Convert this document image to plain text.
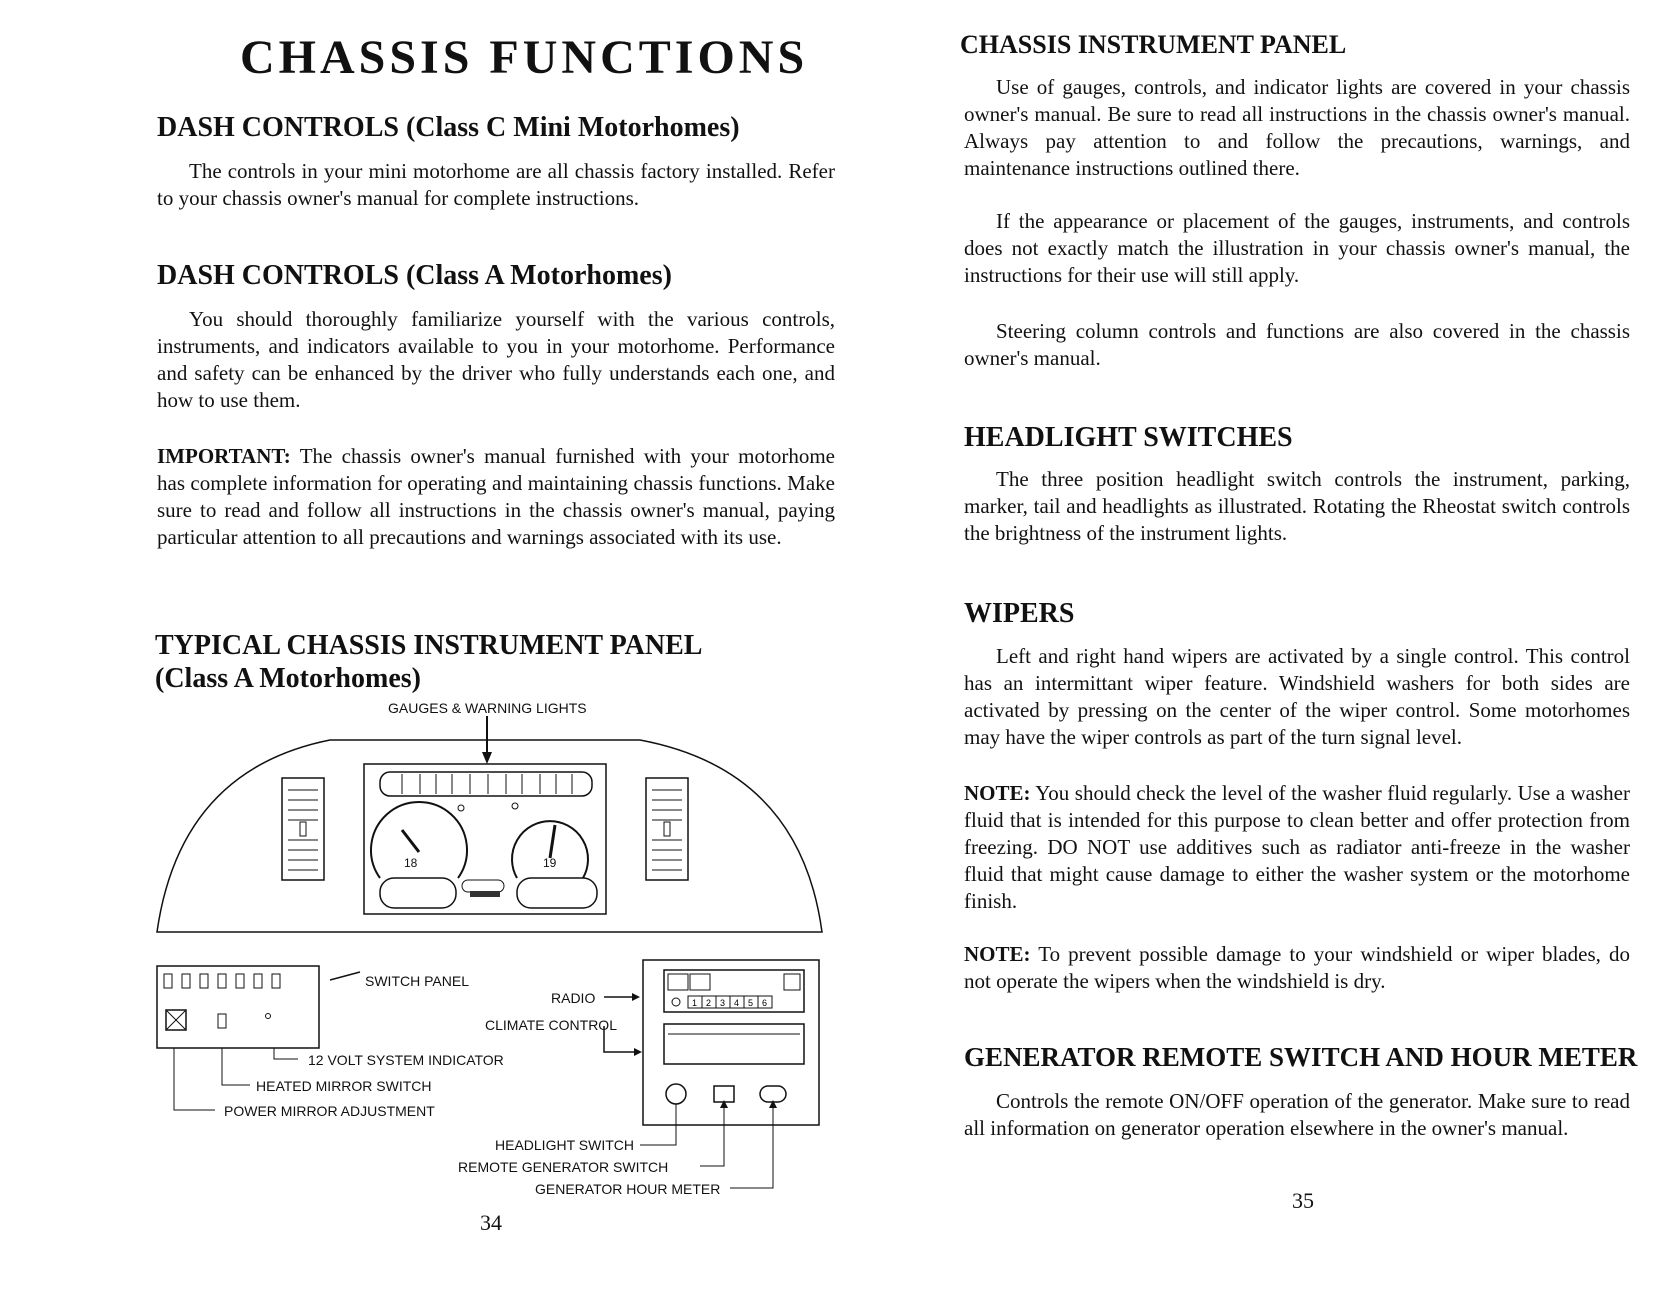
CHASSIS FUNCTIONS
DASH CONTROLS (Class C Mini Motorhomes)

The controls in your mini motorhome are all chassis factory installed. Refer to your chassis owner's manual for complete instructions.

DASH CONTROLS (Class A Motorhomes)

You should thoroughly familiarize yourself with the various controls, instruments, and indicators available to you in your motorhome. Performance and safety can be enhanced by the driver who fully understands each one, and how to use them.

IMPORTANT: The chassis owner's manual furnished with your motorhome has complete information for operating and maintaining chassis functions. Make sure to read and follow all instructions in the chassis owner's manual, paying particular attention to all precautions and warnings associated with its use.

TYPICAL CHASSIS INSTRUMENT PANEL
(Class A Motorhomes)
1 2 3 4 5 6
GAUGES & WARNING LIGHTS
18	19
SWITCH PANEL
RADIO
CLIMATE CONTROL
12 VOLT SYSTEM INDICATOR
HEATED MIRROR SWITCH
POWER MIRROR ADJUSTMENT
HEADLIGHT SWITCH
REMOTE GENERATOR SWITCH
GENERATOR HOUR METER
34
CHASSIS INSTRUMENT PANEL

Use of gauges, controls, and indicator lights are covered in your chassis owner's manual. Be sure to read all instructions in the chassis owner's manual. Always pay attention to and follow the precautions, warnings, and maintenance instructions outlined there.

If the appearance or placement of the gauges, instruments, and controls does not exactly match the illustration in your chassis owner's manual, the instructions for their use will still apply.

Steering column controls and functions are also covered in the chassis owner's manual.

HEADLIGHT SWITCHES

The three position headlight switch controls the instrument, parking, marker, tail and headlights as illustrated. Rotating the Rheostat switch controls the brightness of the instrument lights.

WIPERS

Left and right hand wipers are activated by a single control. This control has an intermittant wiper feature. Windshield washers for both sides are activated by pressing on the center of the wiper control. Some motorhomes may have the wiper controls as part of the turn signal level.

NOTE: You should check the level of the washer fluid regularly. Use a washer fluid that is intended for this purpose to clean better and offer protection from freezing. DO NOT use additives such as radiator anti-freeze in the washer fluid that might cause damage to either the washer system or the motorhome finish.

NOTE: To prevent possible damage to your windshield or wiper blades, do not operate the wipers when the windshield is dry.

GENERATOR REMOTE SWITCH AND HOUR METER

Controls the remote ON/OFF operation of the generator. Make sure to read all information on generator operation elsewhere in the owner's manual.

35
